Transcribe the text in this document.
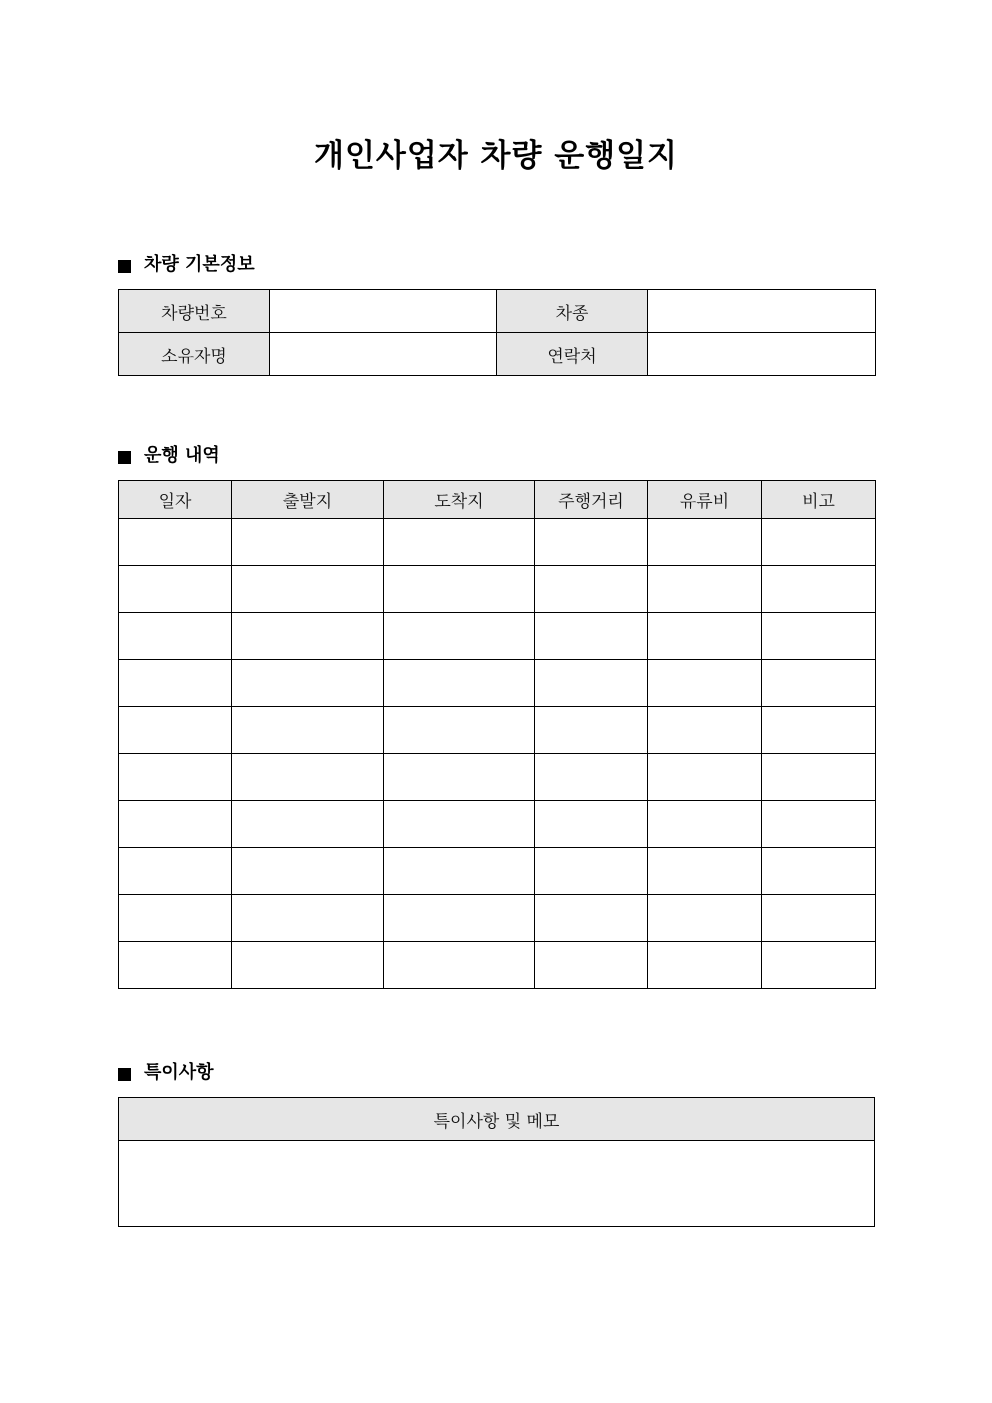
개인사업자 차량 운행일지
차량 기본정보
차량번호		차종	
소유자명		연락처	
운행 내역
일자	출발지	도착지	주행거리	유류비	비고

특이사항
특이사항 및 메모
